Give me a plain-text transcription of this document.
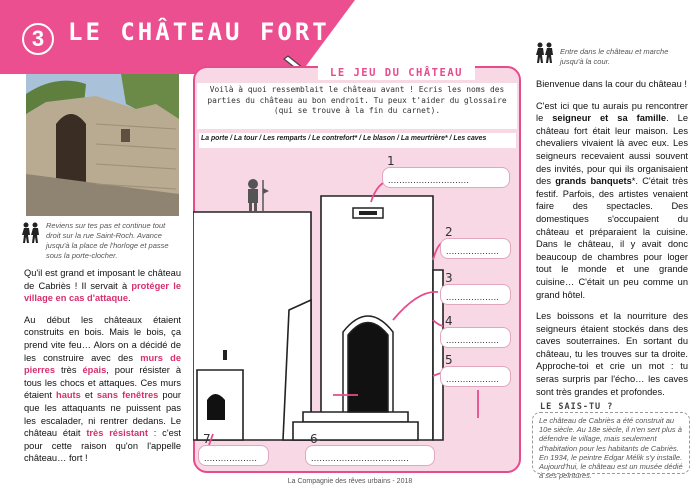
3 LE CHÂTEAU FORT
Reviens sur tes pas et continue tout droit sur la rue Saint-Roch. Avance jusqu'à la place de l'horloge et passe sous la porte-clocher.

Qu'il est grand et imposant le château de Cabriès ! Il servait à protéger le village en cas d'attaque.

Au début les châteaux étaient construits en bois. Mais le bois, ça prend vite feu… Alors on a décidé de les construire avec des murs de pierres très épais, pour résister à tous les chocs et attaques. Ces murs étaient hauts et sans fenêtres pour que les attaquants ne puissent pas les escalader, ni rentrer dedans. Le château était très résistant : c'est pour cette raison qu'on l'appelle château… fort !

LE JEU DU CHÂTEAU
Voilà à quoi ressemblait le château avant ! Ecris les noms des parties du château au bon endroit. Tu peux t'aider du glossaire (qui se trouve à la fin du carnet).
La porte / La tour / Les remparts / Le contrefort* / Le blason / La meurtrière* / Les caves
1
.............................
2
...................
3
...................
4
...................
5
...................
6
...................................
7
...................
Entre dans le château et marche jusqu'à la cour.

Bienvenue dans la cour du château !

C'est ici que tu aurais pu rencontrer le seigneur et sa famille. Le château fort était leur maison. Les chevaliers vivaient là avec eux. Les seigneurs recevaient aussi souvent des invités, pour qui ils organisaient des grands banquets*. C'était très festif. Parfois, des artistes venaient faire des spectacles. Des domestiques s'occupaient du château et préparaient la cuisine. Dans le château, il y avait donc beaucoup de chambres pour loger tout le monde et une grande cuisine… C'était un peu comme un grand hôtel.

Les boissons et la nourriture des seigneurs étaient stockés dans des caves souterraines. En sortant du château, tu les trouves sur ta droite. Approche-toi et crie un mot : tu seras surpris par l'écho… les caves sont très grandes et profondes.

LE SAIS-TU ?
Le château de Cabriès a été construit au 10e siècle. Au 18e siècle, il n'en sert plus à défendre le village, mais seulement d'habitation pour les habitants de Cabriès. En 1934, le peintre Edgar Mélik s'y installe. Aujourd'hui, le château est un musée dédié à ses peintures.
La Compagnie des rêves urbains - 2018
